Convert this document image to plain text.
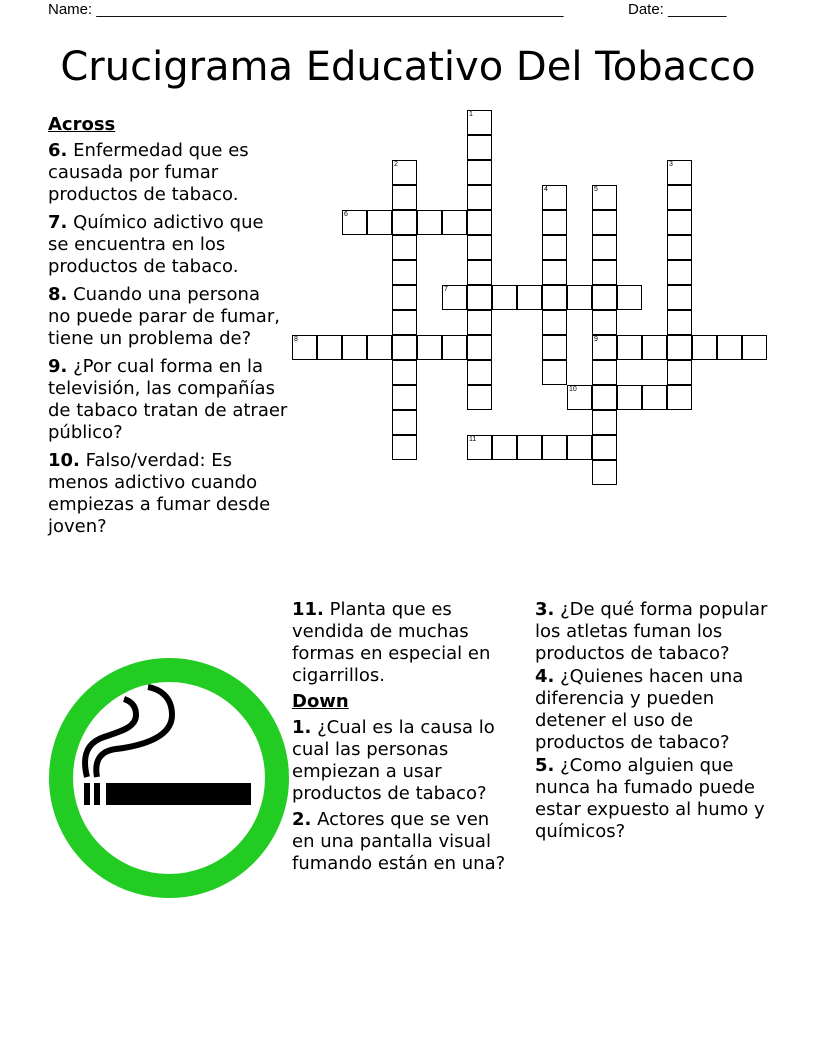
Name: ________________________________________________________	Date: _______
Crucigrama Educativo Del Tobacco
Across
6. Enfermedad que es causada por fumar productos de tabaco.
7. Químico adictivo que se encuentra en los productos de tabaco.
8. Cuando una persona no puede parar de fumar, tiene un problema de?
9. ¿Por cual forma en la televisión, las compañías de tabaco tratan de atraer público?
10. Falso/verdad: Es menos adictivo cuando empiezas a fumar desde joven?
11. Planta que es vendida de muchas formas en especial en cigarrillos.
Down
1. ¿Cual es la causa lo cual las personas empiezan a usar productos de tabaco?
2. Actores que se ven en una pantalla visual fumando están en una?
3. ¿De qué forma popular los atletas fuman los productos de tabaco?
4. ¿Quienes hacen una diferencia y pueden detener el uso de productos de tabaco?
5. ¿Como alguien que nunca ha fumado puede estar expuesto al humo y químicos?
6
7
8	9
10
11
1
2	3
4	5
